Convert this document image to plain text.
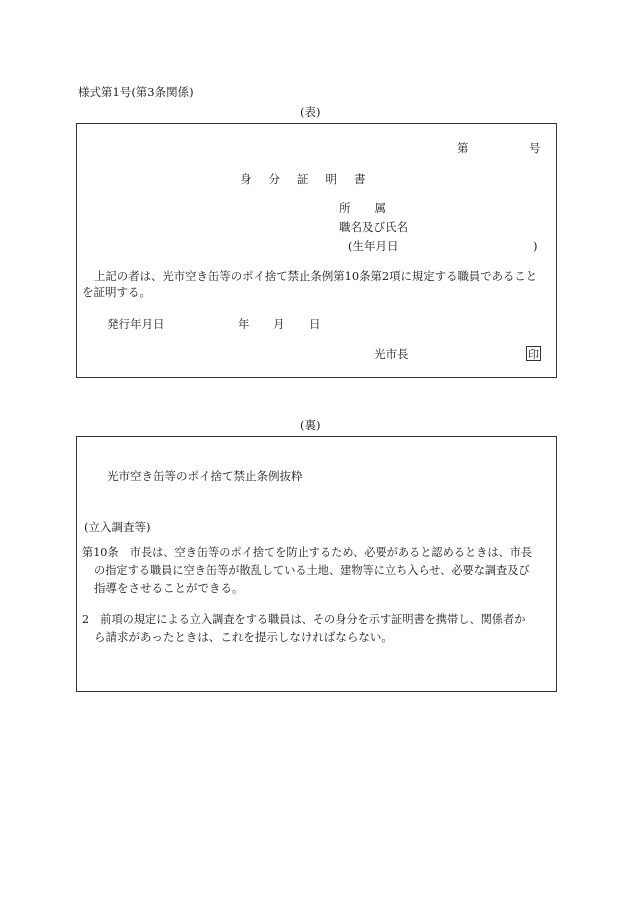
様式第1号(第3条関係)
(表)
第	号
身分証明書
所属
職名及び氏名
(生年月日	)

上記の者は、光市空き缶等のポイ捨て禁止条例第10条第2項に規定する職員であること

を証明する。

発行年月日	年 月 日
光市長	印
(裏)
光市空き缶等のポイ捨て禁止条例抜粋
(立入調査等)

第10条　市長は、空き缶等のポイ捨てを防止するため、必要があると認めるときは、市長

の指定する職員に空き缶等が散乱している土地、建物等に立ち入らせ、必要な調査及び

指導をさせることができる。

2　前項の規定による立入調査をする職員は、その身分を示す証明書を携帯し、関係者か

ら請求があったときは、これを提示しなければならない。
